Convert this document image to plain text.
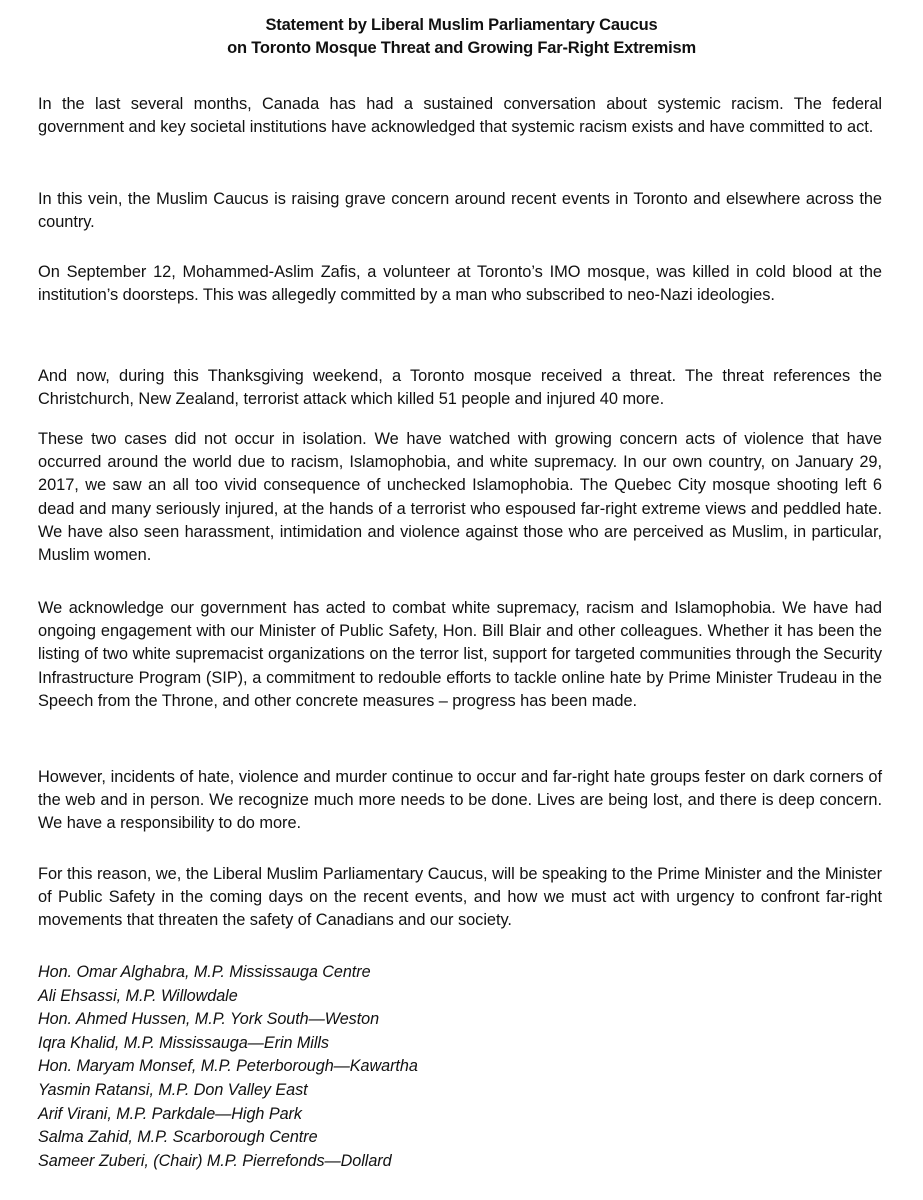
Statement by Liberal Muslim Parliamentary Caucus
on Toronto Mosque Threat and Growing Far-Right Extremism
In the last several months, Canada has had a sustained conversation about systemic racism. The federal government and key societal institutions have acknowledged that systemic racism exists and have committed to act.
In this vein, the Muslim Caucus is raising grave concern around recent events in Toronto and elsewhere across the country.
On September 12, Mohammed-Aslim Zafis, a volunteer at Toronto’s IMO mosque, was killed in cold blood at the institution’s doorsteps. This was allegedly committed by a man who subscribed to neo-Nazi ideologies.
And now, during this Thanksgiving weekend, a Toronto mosque received a threat. The threat references the Christchurch, New Zealand, terrorist attack which killed 51 people and injured 40 more.
These two cases did not occur in isolation. We have watched with growing concern acts of violence that have occurred around the world due to racism, Islamophobia, and white supremacy. In our own country, on January 29, 2017, we saw an all too vivid consequence of unchecked Islamophobia. The Quebec City mosque shooting left 6 dead and many seriously injured, at the hands of a terrorist who espoused far-right extreme views and peddled hate. We have also seen harassment, intimidation and violence against those who are perceived as Muslim, in particular, Muslim women.
We acknowledge our government has acted to combat white supremacy, racism and Islamophobia. We have had ongoing engagement with our Minister of Public Safety, Hon. Bill Blair and other colleagues. Whether it has been the listing of two white supremacist organizations on the terror list, support for targeted communities through the Security Infrastructure Program (SIP), a commitment to redouble efforts to tackle online hate by Prime Minister Trudeau in the Speech from the Throne, and other concrete measures – progress has been made.
However, incidents of hate, violence and murder continue to occur and far-right hate groups fester on dark corners of the web and in person. We recognize much more needs to be done. Lives are being lost, and there is deep concern. We have a responsibility to do more.
For this reason, we, the Liberal Muslim Parliamentary Caucus, will be speaking to the Prime Minister and the Minister of Public Safety in the coming days on the recent events, and how we must act with urgency to confront far-right movements that threaten the safety of Canadians and our society.
Hon. Omar Alghabra, M.P. Mississauga Centre
Ali Ehsassi, M.P. Willowdale
Hon. Ahmed Hussen, M.P. York South—Weston
Iqra Khalid, M.P. Mississauga—Erin Mills
Hon. Maryam Monsef, M.P. Peterborough—Kawartha
Yasmin Ratansi, M.P. Don Valley East
Arif Virani, M.P. Parkdale—High Park
Salma Zahid, M.P. Scarborough Centre
Sameer Zuberi, (Chair) M.P. Pierrefonds—Dollard
